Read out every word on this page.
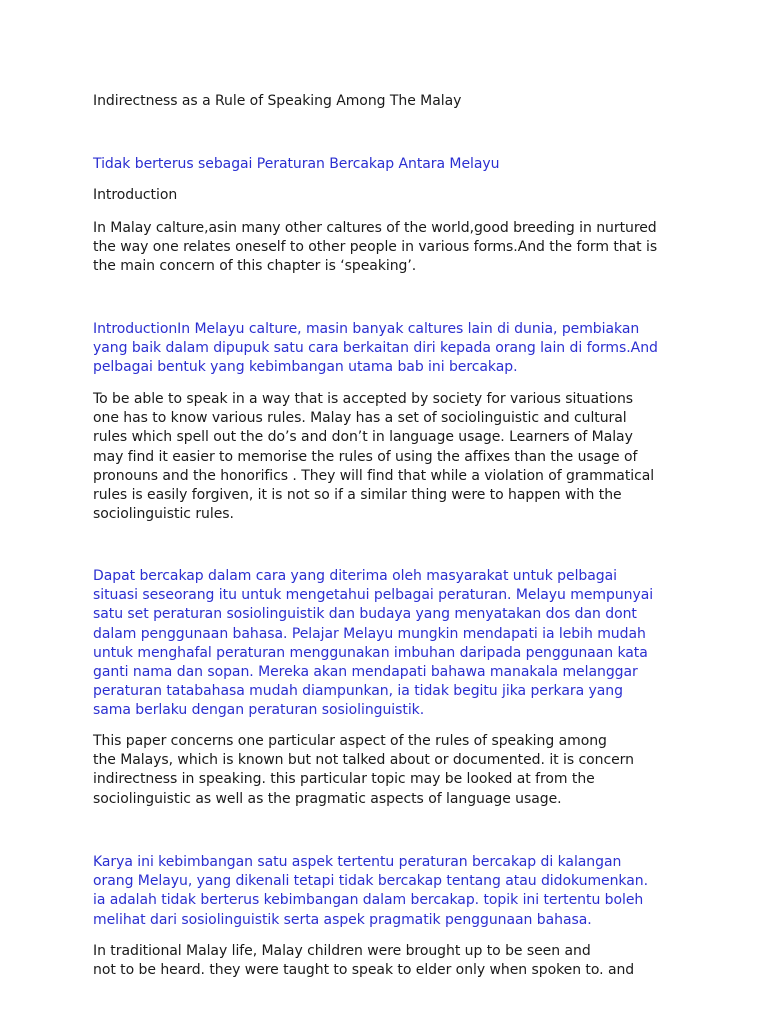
Indirectness as a Rule of Speaking Among The Malay

Tidak berterus sebagai Peraturan Bercakap Antara Melayu

Introduction

In Malay calture,asin many other caltures of the world,good breeding in nurtured
the way one relates oneself to other people in various forms.And the form that is
the main concern of this chapter is ‘speaking’.

IntroductionIn Melayu calture, masin banyak caltures lain di dunia, pembiakan
yang baik dalam dipupuk satu cara berkaitan diri kepada orang lain di forms.And
pelbagai bentuk yang kebimbangan utama bab ini bercakap.

To be able to speak in a way that is accepted by society for various situations
one has to know various rules. Malay has a set of sociolinguistic and cultural
rules which spell out the do’s and don’t in language usage. Learners of Malay
may find it easier to memorise the rules of using the affixes than the usage of
pronouns and the honorifics . They will find that while a violation of grammatical
rules is easily forgiven, it is not so if a similar thing were to happen with the
sociolinguistic rules.

Dapat bercakap dalam cara yang diterima oleh masyarakat untuk pelbagai
situasi seseorang itu untuk mengetahui pelbagai peraturan. Melayu mempunyai
satu set peraturan sosiolinguistik dan budaya yang menyatakan dos dan dont
dalam penggunaan bahasa. Pelajar Melayu mungkin mendapati ia lebih mudah
untuk menghafal peraturan menggunakan imbuhan daripada penggunaan kata
ganti nama dan sopan. Mereka akan mendapati bahawa manakala melanggar
peraturan tatabahasa mudah diampunkan, ia tidak begitu jika perkara yang
sama berlaku dengan peraturan sosiolinguistik.

This paper concerns one particular aspect of the rules of speaking among
the Malays, which is known but not talked about or documented. it is concern
indirectness in speaking. this particular topic may be looked at from the
sociolinguistic as well as the pragmatic aspects of language usage.

Karya ini kebimbangan satu aspek tertentu peraturan bercakap di kalangan
orang Melayu, yang dikenali tetapi tidak bercakap tentang atau didokumenkan.
ia adalah tidak berterus kebimbangan dalam bercakap. topik ini tertentu boleh
melihat dari sosiolinguistik serta aspek pragmatik penggunaan bahasa.

In traditional Malay life, Malay children were brought up to be seen and
not to be heard. they were taught to speak to elder only when spoken to. and
